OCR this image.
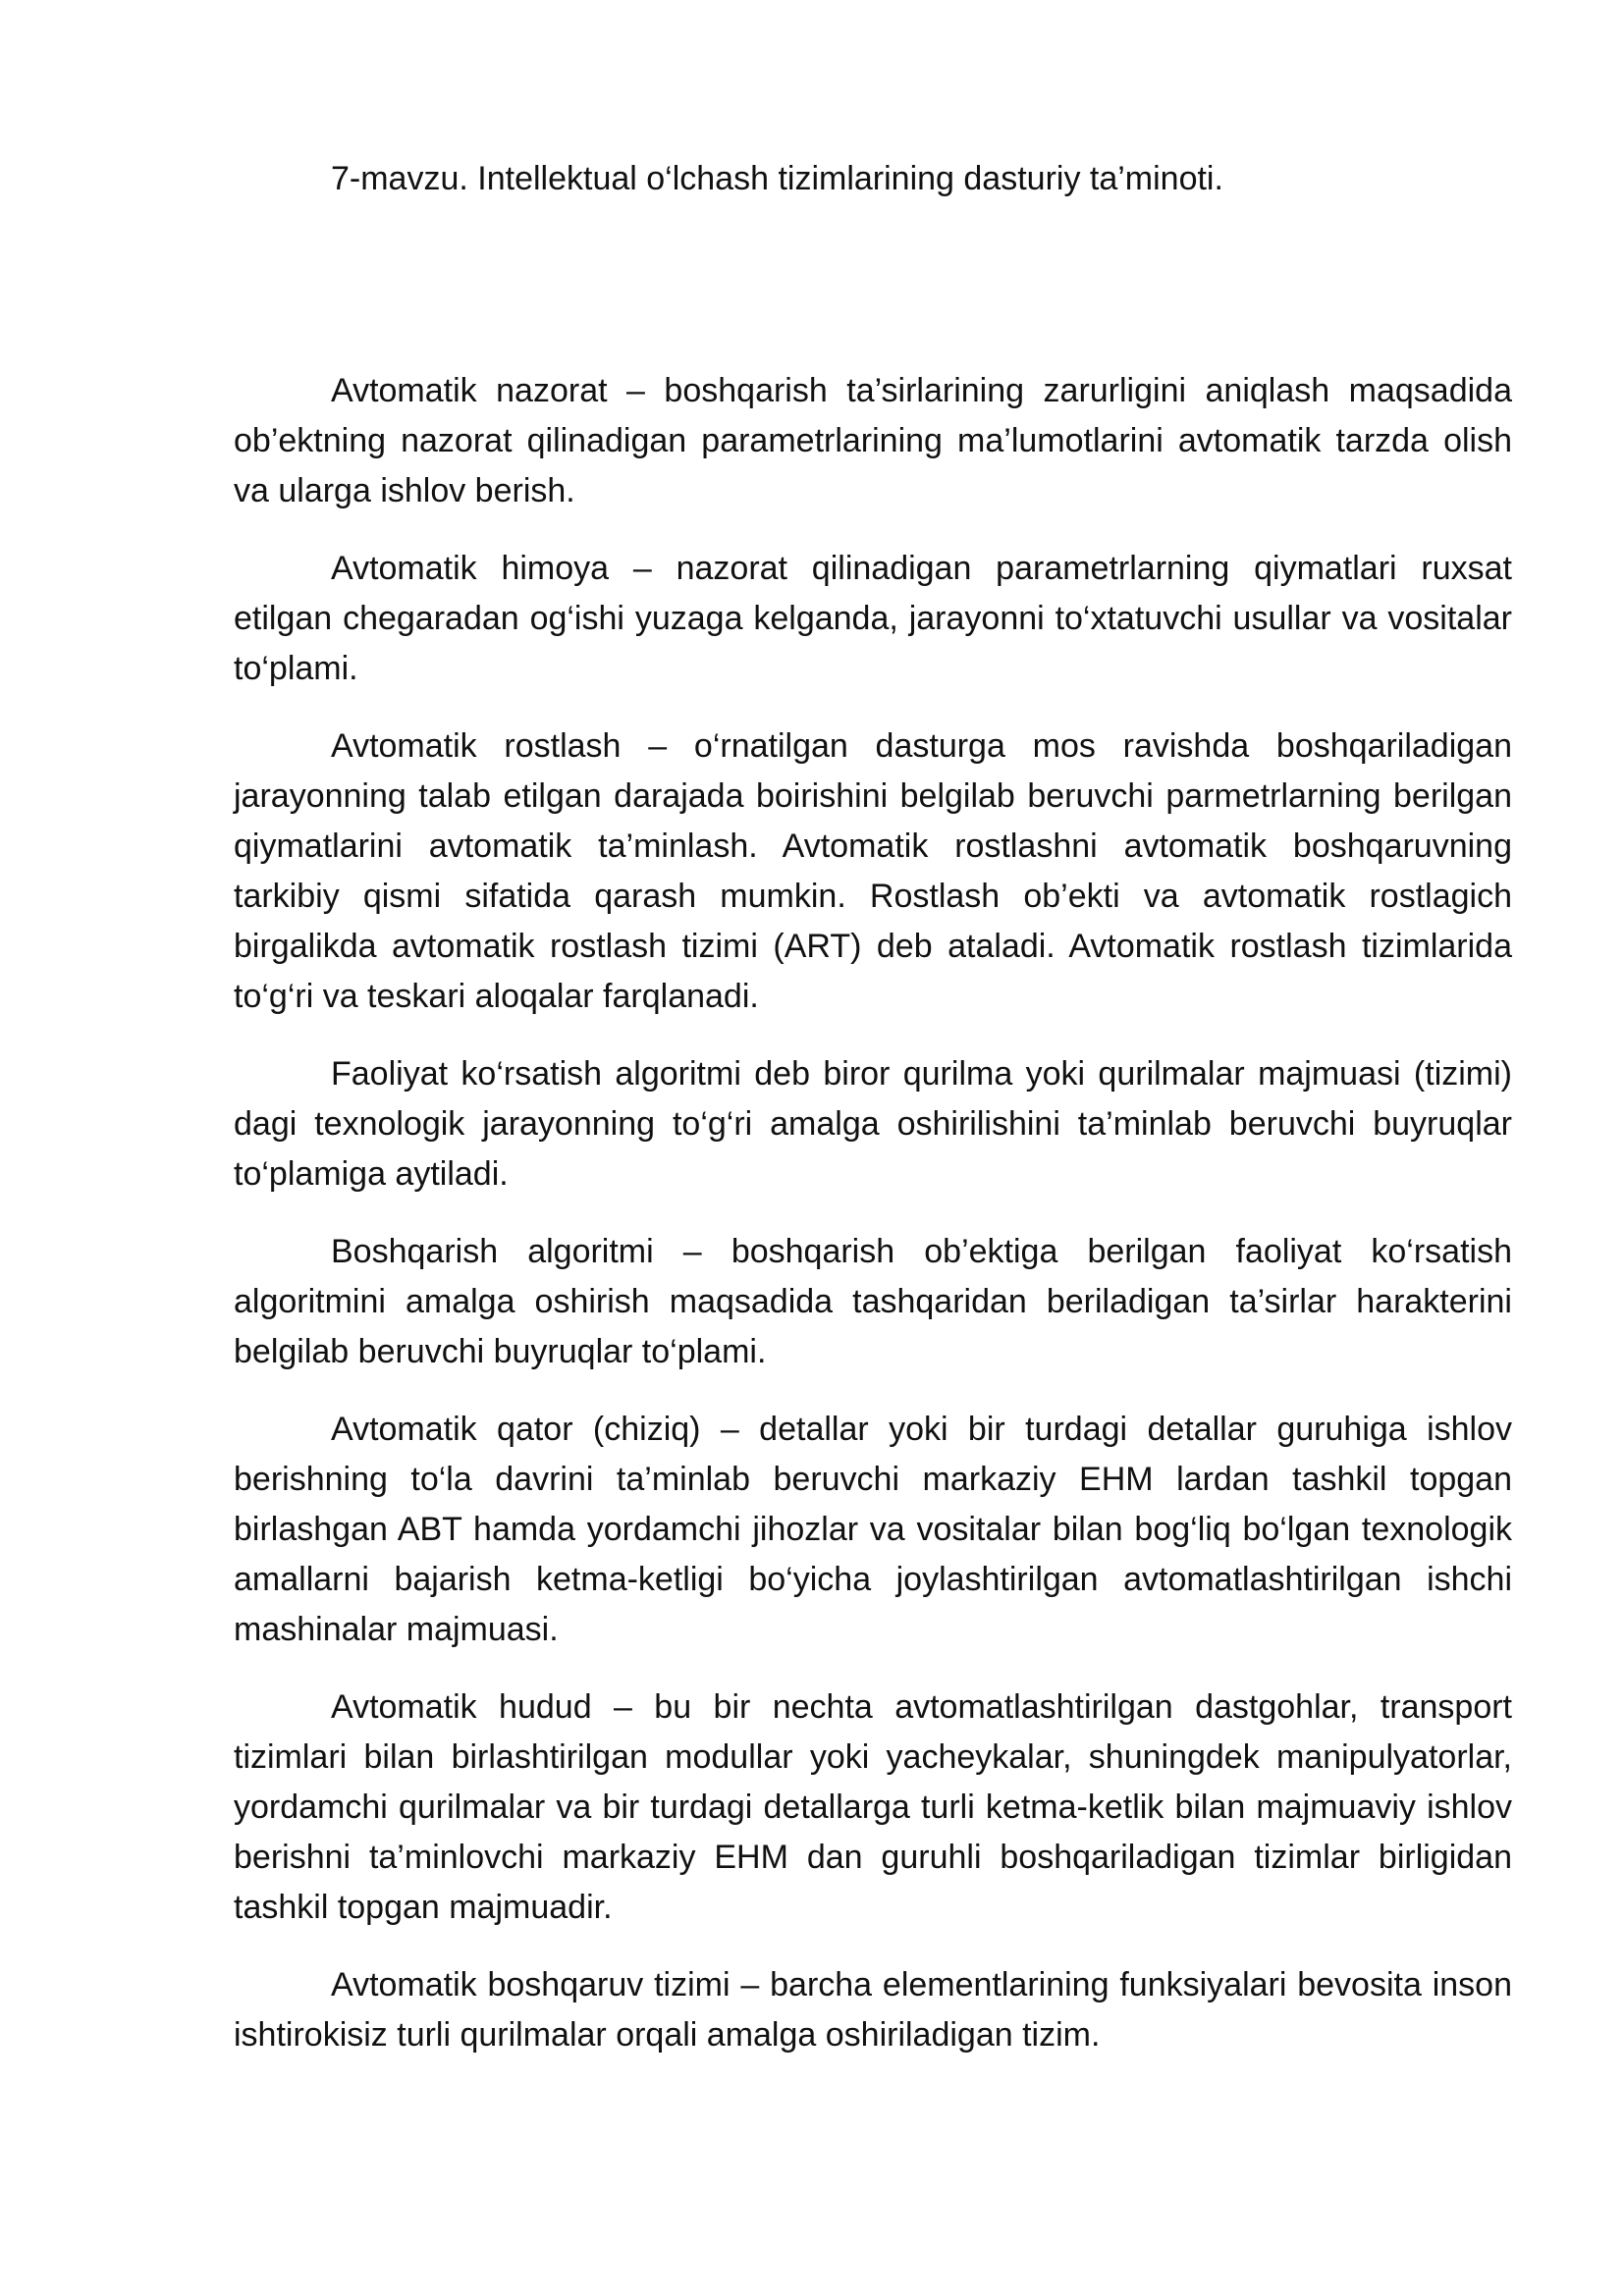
7-mavzu. Intellektual o‘lchash tizimlarining dasturiy ta’minoti.

Avtomatik nazorat – boshqarish ta’sirlarining zarurligini aniqlash maqsadida ob’ektning nazorat qilinadigan parametrlarining ma’lumotlarini avtomatik tarzda olish va ularga ishlov berish.

Avtomatik himoya – nazorat qilinadigan parametrlarning qiymatlari ruxsat etilgan chegaradan og‘ishi yuzaga kelganda, jarayonni to‘xtatuvchi usullar va vositalar to‘plami.

Avtomatik rostlash – o‘rnatilgan dasturga mos ravishda boshqariladigan jarayonning talab etilgan darajada boirishini belgilab beruvchi parmetrlarning berilgan qiymatlarini avtomatik ta’minlash. Avtomatik rostlashni avtomatik boshqaruvning tarkibiy qismi sifatida qarash mumkin. Rostlash ob’ekti va avtomatik rostlagich birgalikda avtomatik rostlash tizimi (ART) deb ataladi. Avtomatik rostlash tizimlarida to‘g‘ri va teskari aloqalar farqlanadi.

Faoliyat ko‘rsatish algoritmi deb biror qurilma yoki qurilmalar majmuasi (tizimi) dagi texnologik jarayonning to‘g‘ri amalga oshirilishini ta’minlab beruvchi buyruqlar to‘plamiga aytiladi.

Boshqarish algoritmi – boshqarish ob’ektiga berilgan faoliyat ko‘rsatish algoritmini amalga oshirish maqsadida tashqaridan beriladigan ta’sirlar harakterini belgilab beruvchi buyruqlar to‘plami.

Avtomatik qator (chiziq) – detallar yoki bir turdagi detallar guruhiga ishlov berishning to‘la davrini ta’minlab beruvchi markaziy EHM lardan tashkil topgan birlashgan ABT hamda yordamchi jihozlar va vositalar bilan bog‘liq bo‘lgan texnologik amallarni bajarish ketma-ketligi bo‘yicha joylashtirilgan avtomatlashtirilgan ishchi mashinalar majmuasi.

Avtomatik hudud – bu bir nechta avtomatlashtirilgan dastgohlar, transport tizimlari bilan birlashtirilgan modullar yoki yacheykalar, shuningdek manipulyatorlar, yordamchi qurilmalar va bir turdagi detallarga turli ketma-ketlik bilan majmuaviy ishlov berishni ta’minlovchi markaziy EHM dan guruhli boshqariladigan tizimlar birligidan tashkil topgan majmuadir.

Avtomatik boshqaruv tizimi – barcha elementlarining funksiyalari bevosita inson ishtirokisiz turli qurilmalar orqali amalga oshiriladigan tizim.
